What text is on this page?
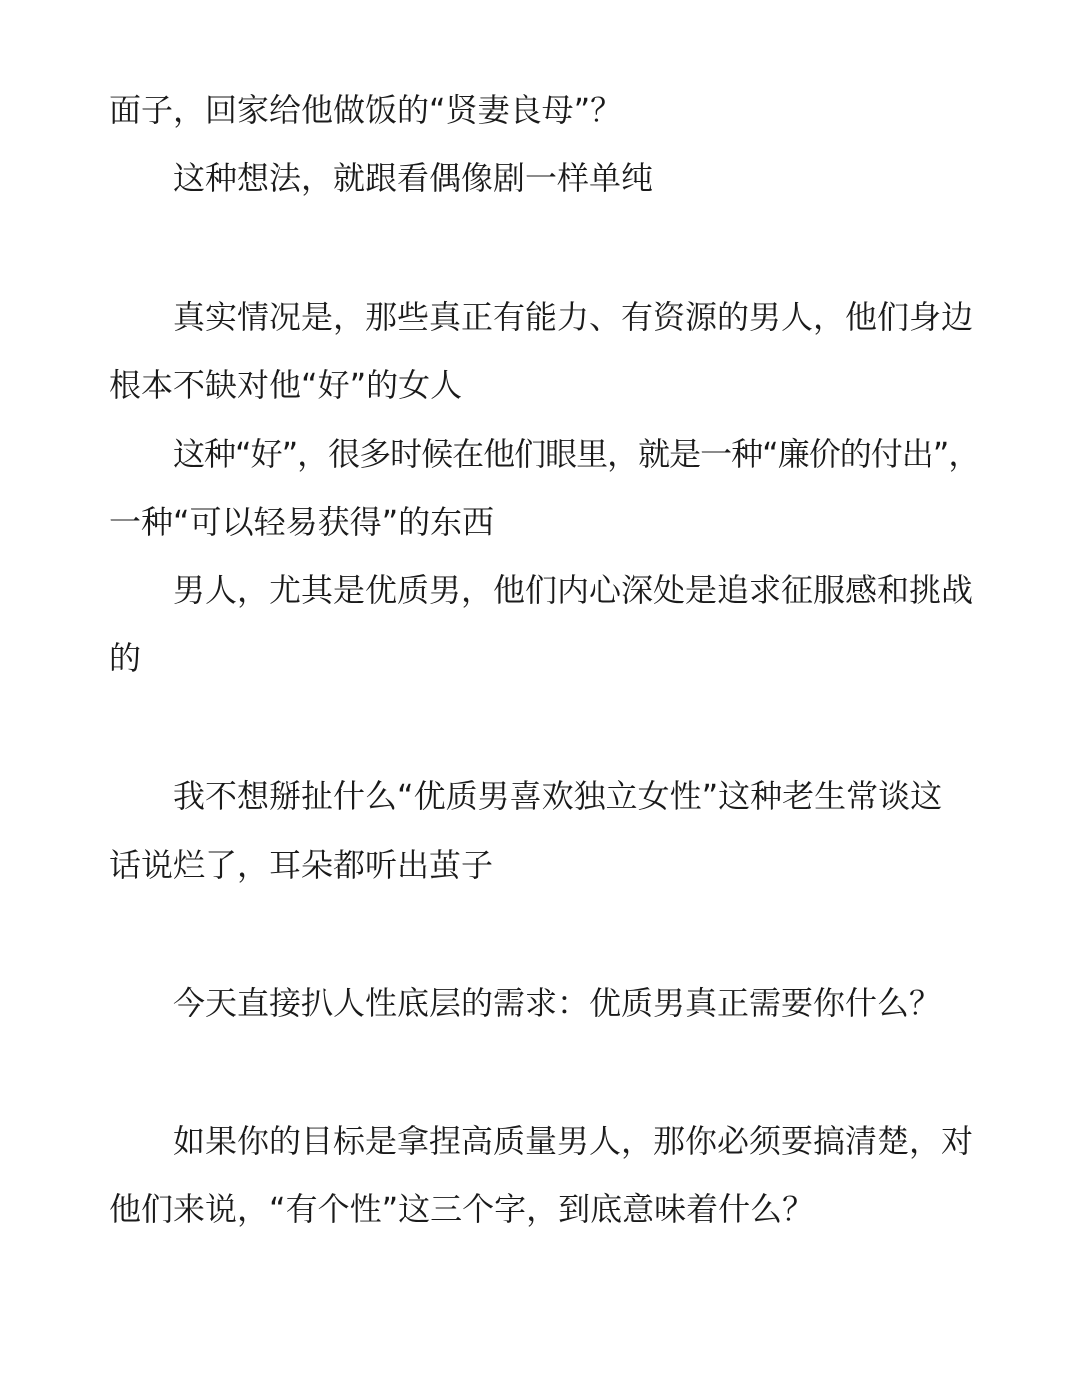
面子，回家给他做饭的“贤妻良母”？

这种想法，就跟看偶像剧一样单纯

真实情况是，那些真正有能力、有资源的男人，他们身边

根本不缺对他“好”的女人

这种“好”，很多时候在他们眼里，就是一种“廉价的付出”，

一种“可以轻易获得”的东西

男人，尤其是优质男，他们内心深处是追求征服感和挑战

的

我不想掰扯什么“优质男喜欢独立女性”这种老生常谈这

话说烂了，耳朵都听出茧子

今天直接扒人性底层的需求：优质男真正需要你什么？

如果你的目标是拿捏高质量男人，那你必须要搞清楚，对

他们来说，“有个性”这三个字，到底意味着什么？
